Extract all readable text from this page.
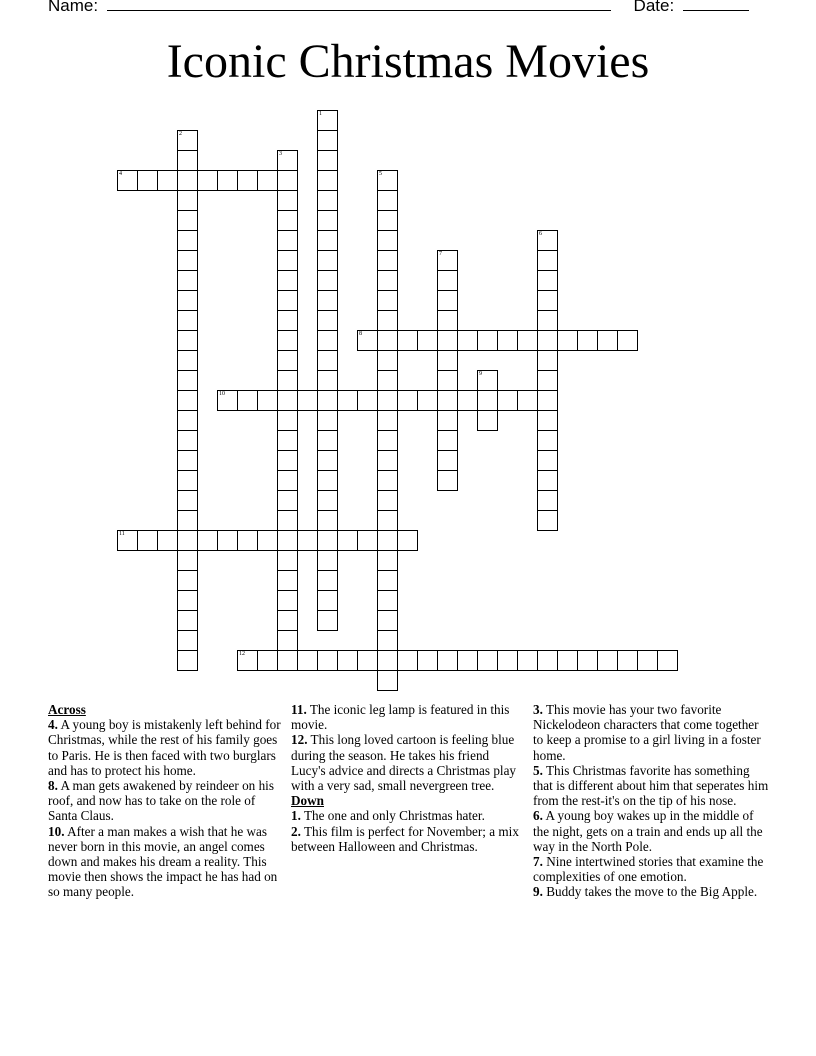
Name:	Date:
Iconic Christmas Movies
4
8
10
11
12
1
2
3
5
6
7
9

Across

4. A young boy is mistakenly left behind for Christmas, while the rest of his family goes to Paris. He is then faced with two burglars and has to protect his home.

8. A man gets awakened by reindeer on his roof, and now has to take on the role of Santa Claus.

10. After a man makes a wish that he was never born in this movie, an angel comes down and makes his dream a reality. This movie then shows the impact he has had on so many people.

11. The iconic leg lamp is featured in this movie.

12. This long loved cartoon is feeling blue during the season. He takes his friend Lucy's advice and directs a Christmas play with a very sad, small nevergreen tree.

Down

1. The one and only Christmas hater.

2. This film is perfect for November; a mix between Halloween and Christmas.

3. This movie has your two favorite Nickelodeon characters that come together to keep a promise to a girl living in a foster home.

5. This Christmas favorite has something that is different about him that seperates him from the rest-it's on the tip of his nose.

6. A young boy wakes up in the middle of the night, gets on a train and ends up all the way in the North Pole.

7. Nine intertwined stories that examine the complexities of one emotion.

9. Buddy takes the move to the Big Apple.
